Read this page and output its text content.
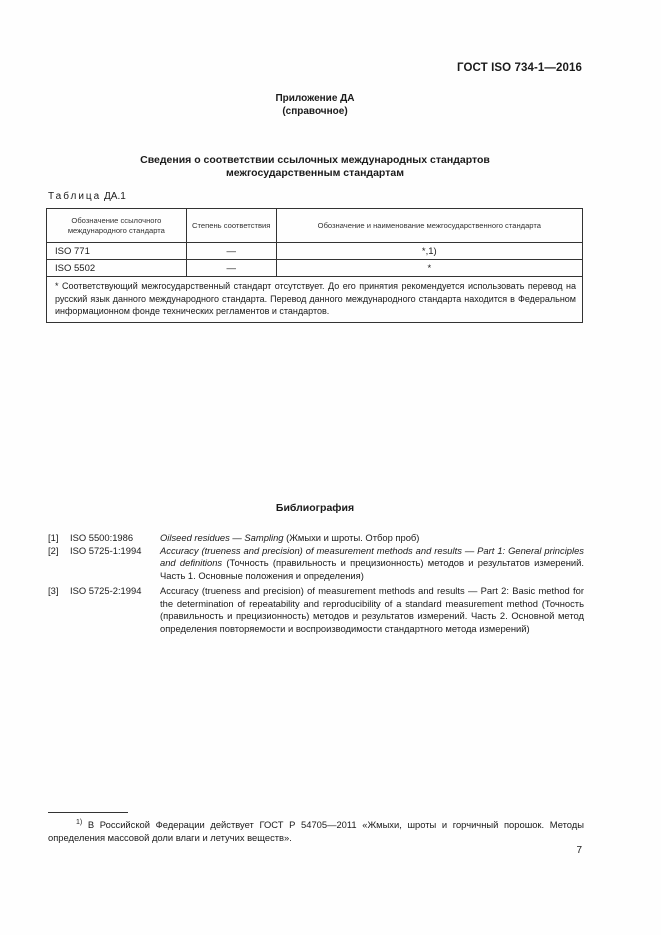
ГОСТ ISO 734-1—2016
Приложение ДА
(справочное)
Сведения о соответствии ссылочных международных стандартов
межгосударственным стандартам
Таблица ДА.1
Обозначение ссылочного международного стандарта	Степень соответствия	Обозначение и наименование межгосударственного стандарта
ISO 771	—	*,1)
ISO 5502	—	*
* Соответствующий межгосударственный стандарт отсутствует. До его принятия рекомендуется использовать перевод на русский язык данного международного стандарта. Перевод данного международного стандарта находится в Федеральном информационном фонде технических регламентов и стандартов.		
Библиография
[1]	ISO 5500:1986	Oilseed residues — Sampling (Жмыхи и шроты. Отбор проб)
[2]	ISO 5725-1:1994	Accuracy (trueness and precision) of measurement methods and results — Part 1: General principles and definitions (Точность (правильность и прецизионность) методов и результатов измерений. Часть 1. Основные положения и определения)
[3]	ISO 5725-2:1994	Accuracy (trueness and precision) of measurement methods and results — Part 2: Basic method for the determination of repeatability and reproducibility of a standard measurement method (Точность (правильность и прецизионность) методов и результатов измерений. Часть 2. Основной метод определения повторяемости и воспроизводимости стандартного метода измерений)
$^{1)}$ В Российской Федерации действует ГОСТ Р 54705—2011 «Жмыхи, шроты и горчичный порошок. Методы определения массовой доли влаги и летучих веществ».
7
